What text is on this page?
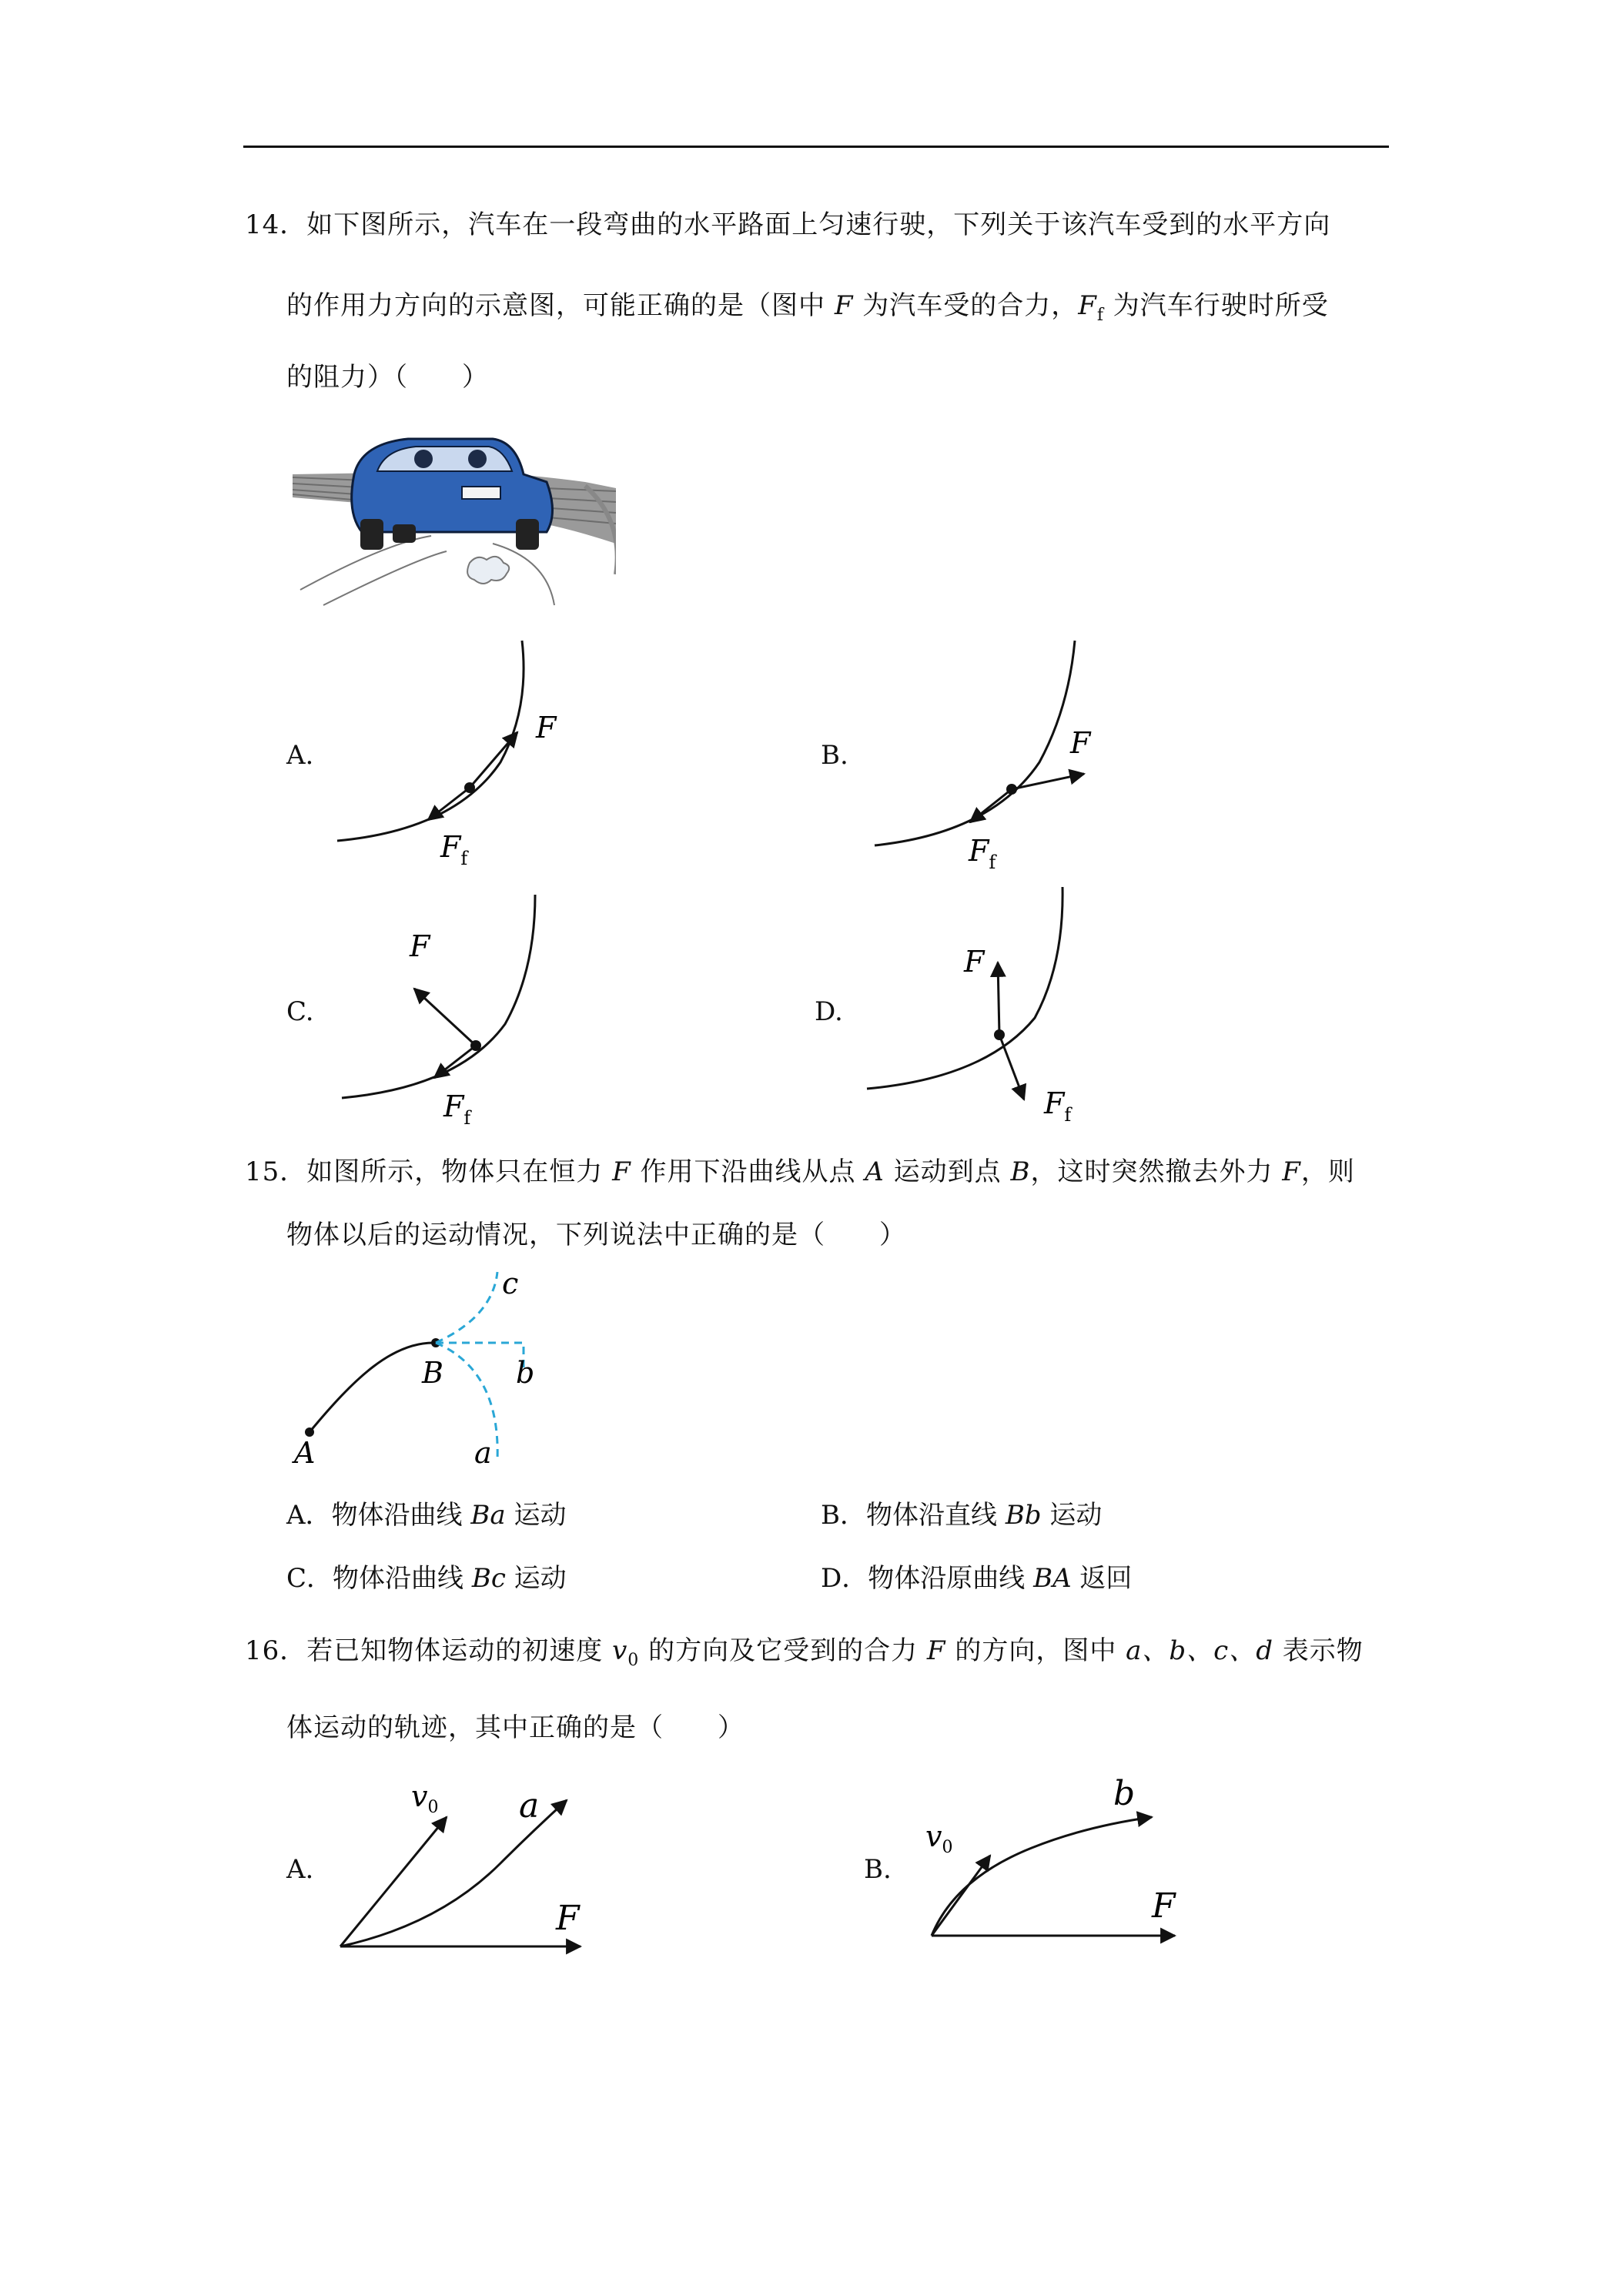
14．如下图所示，汽车在一段弯曲的水平路面上匀速行驶，下列关于该汽车受到的水平方向
的作用力方向的示意图，可能正确的是（图中 F 为汽车受的合力，$F_f$ 为汽车行驶时所受
的阻力）（　　）
A.
F
$F_f$
B.	F
$F_f$
C.
F
$F_f$
D.
F
$F_f$
15．如图所示，物体只在恒力 F 作用下沿曲线从点 A 运动到点 B，这时突然撤去外力 F，则
物体以后的运动情况，下列说法中正确的是（　　）
A
B
a
b
c
A．物体沿曲线 Ba 运动	B．物体沿直线 Bb 运动
C．物体沿曲线 Bc 运动	D．物体沿原曲线 BA 返回
16．若已知物体运动的初速度 $v_0$ 的方向及它受到的合力 F 的方向，图中 a、b、c、d 表示物
体运动的轨迹，其中正确的是（　　）
A.
$v_0$ a
F
B.
$v_0$
b
F
